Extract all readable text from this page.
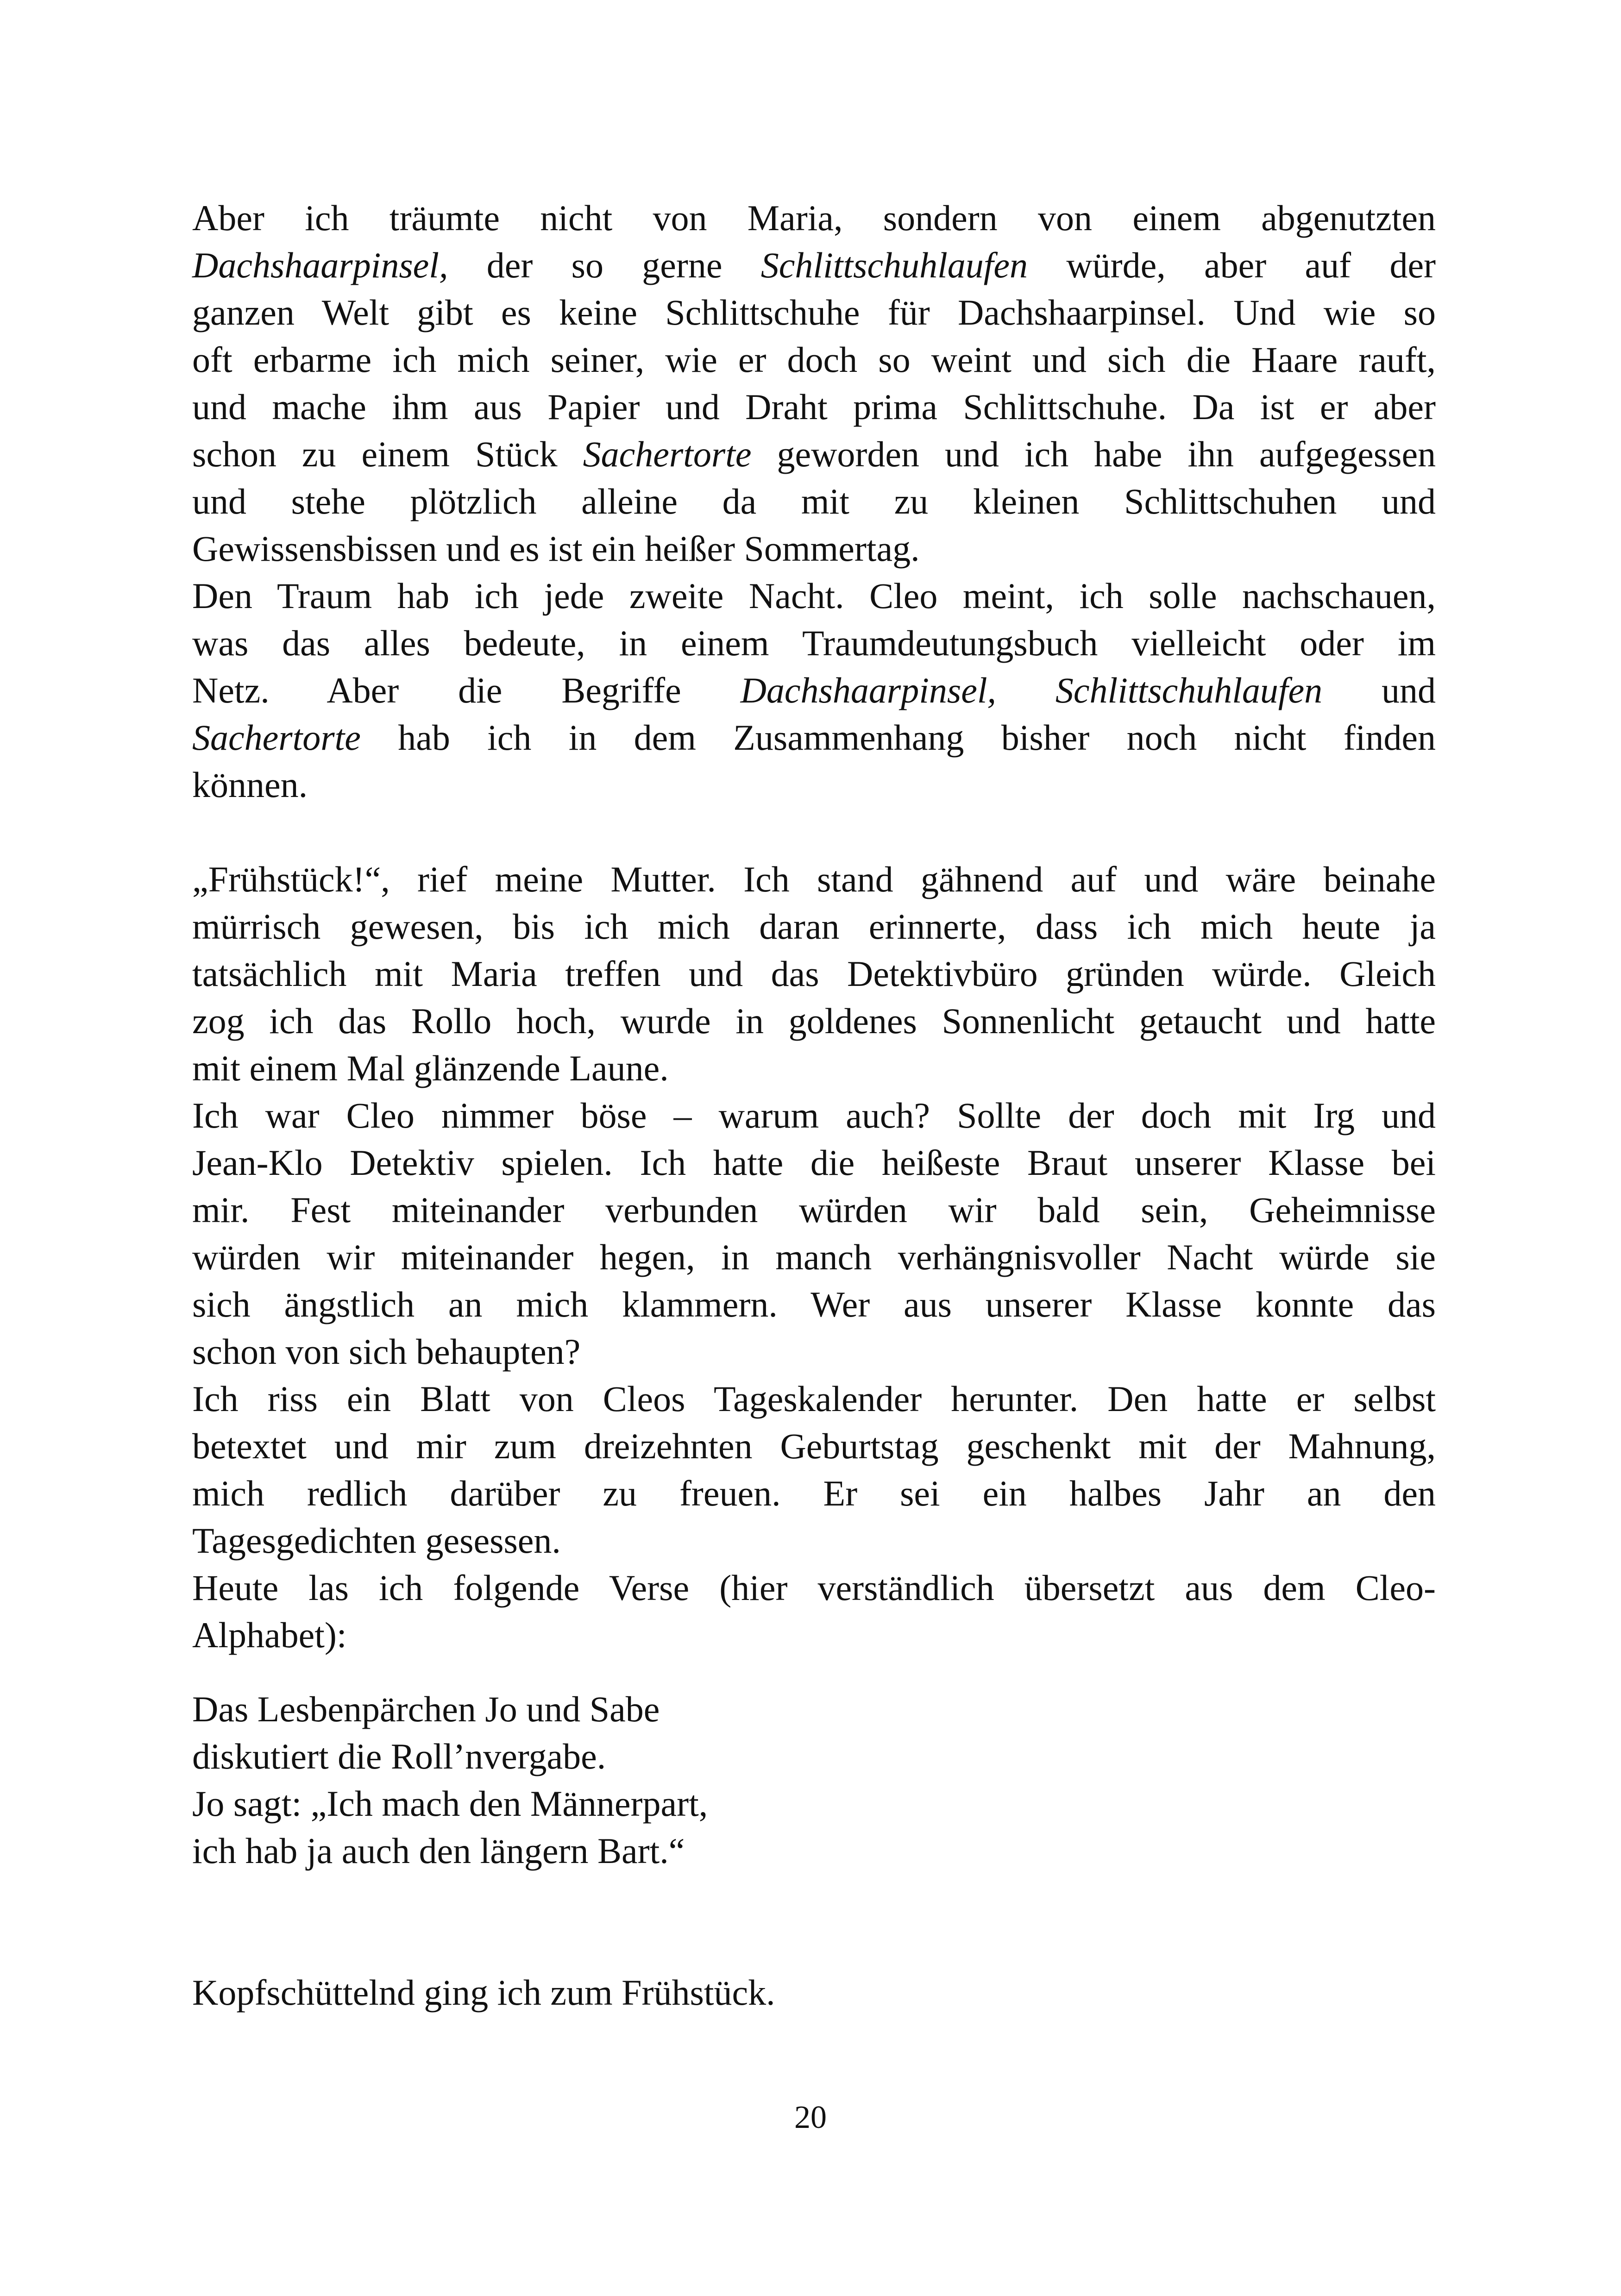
Aber ich träumte nicht von Maria, sondern von einem abgenutzten
Dachshaarpinsel, der so gerne Schlittschuhlaufen würde, aber auf der
ganzen Welt gibt es keine Schlittschuhe für Dachshaarpinsel. Und wie so
oft erbarme ich mich seiner, wie er doch so weint und sich die Haare rauft,
und mache ihm aus Papier und Draht prima Schlittschuhe. Da ist er aber
schon zu einem Stück Sachertorte geworden und ich habe ihn aufgegessen
und stehe plötzlich alleine da mit zu kleinen Schlittschuhen und
Gewissensbissen und es ist ein heißer Sommertag.
Den Traum hab ich jede zweite Nacht. Cleo meint, ich solle nachschauen,
was das alles bedeute, in einem Traumdeutungsbuch vielleicht oder im
Netz. Aber die Begriffe Dachshaarpinsel, Schlittschuhlaufen und
Sachertorte hab ich in dem Zusammenhang bisher noch nicht finden
können.
„Frühstück!“, rief meine Mutter. Ich stand gähnend auf und wäre beinahe
mürrisch gewesen, bis ich mich daran erinnerte, dass ich mich heute ja
tatsächlich mit Maria treffen und das Detektivbüro gründen würde. Gleich
zog ich das Rollo hoch, wurde in goldenes Sonnenlicht getaucht und hatte
mit einem Mal glänzende Laune.
Ich war Cleo nimmer böse – warum auch? Sollte der doch mit Irg und
Jean-Klo Detektiv spielen. Ich hatte die heißeste Braut unserer Klasse bei
mir. Fest miteinander verbunden würden wir bald sein, Geheimnisse
würden wir miteinander hegen, in manch verhängnisvoller Nacht würde sie
sich ängstlich an mich klammern. Wer aus unserer Klasse konnte das
schon von sich behaupten?
Ich riss ein Blatt von Cleos Tageskalender herunter. Den hatte er selbst
betextet und mir zum dreizehnten Geburtstag geschenkt mit der Mahnung,
mich redlich darüber zu freuen. Er sei ein halbes Jahr an den
Tagesgedichten gesessen.
Heute las ich folgende Verse (hier verständlich übersetzt aus dem Cleo-
Alphabet):
Das Lesbenpärchen Jo und Sabe
diskutiert die Roll’nvergabe.
Jo sagt: „Ich mach den Männerpart,
ich hab ja auch den längern Bart.“
Kopfschüttelnd ging ich zum Frühstück.
20
